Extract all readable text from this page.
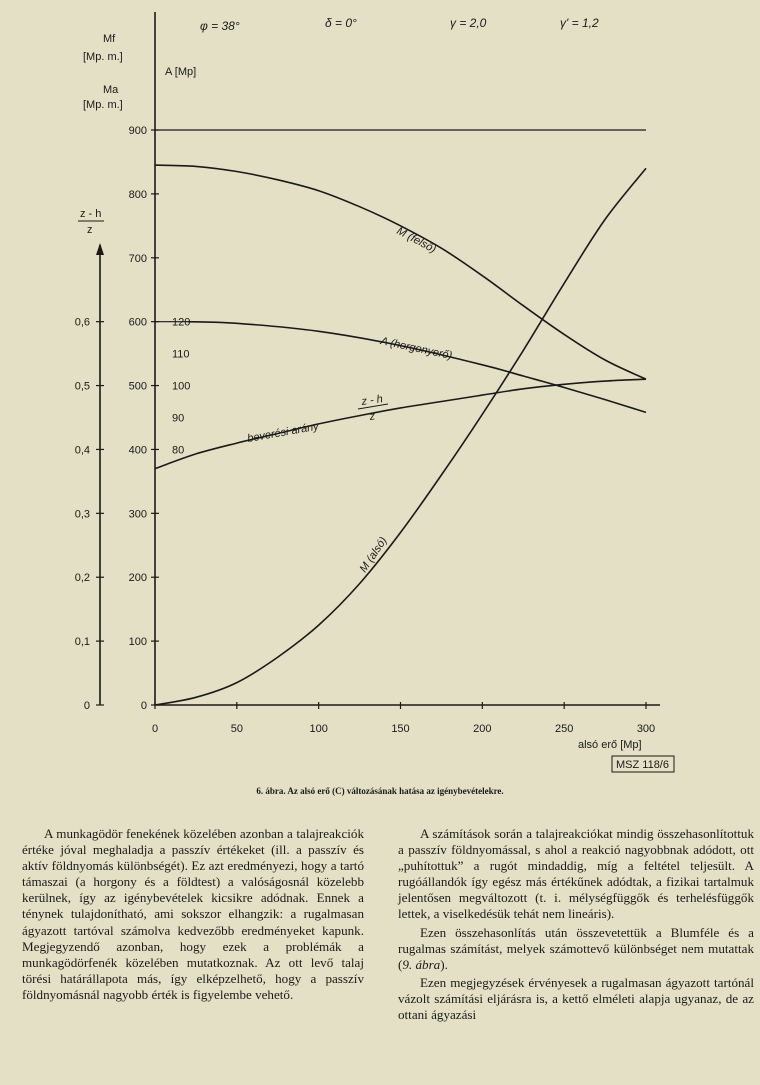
φ = 38°	δ = 0°	γ = 2,0	γ' = 1,2
Mf
[Mp. m.]
Ma
[Mp. m.]
A [Mp]
z - h
z
alsó erő [Mp]
MSZ 118/6
0
100
200
300
400
500
600
700
800
900
0	50	100	150	200	250	300
80
90
100
110
120
0
0,1
0,2
0,3
0,4
0,5
0,6
M (felső)
A (horgonyerő)
beverési arány
z - h
z
M (alsó)
6. ábra. Az alsó erő (C) változásának hatása az igénybevételekre.

A munkagödör fenekének közelében azonban a talajreakciók értéke jóval meghaladja a passzív értékeket (ill. a passzív és aktív földnyomás különbségét). Ez azt eredményezi, hogy a tartó támaszai (a horgony és a földtest) a valóságosnál közelebb kerülnek, így az igénybevételek kicsikre adódnak. Ennek a ténynek tulajdonítható, ami sokszor elhangzik: a rugalmasan ágyazott tartóval számolva kedvezőbb eredményeket kapunk. Megjegyzendő azonban, hogy ezek a problémák a munkagödörfenék közelében mutatkoznak. Az ott levő talaj törési határállapota más, így elképzelhető, hogy a passzív földnyomásnál nagyobb érték is figyelembe vehető.

A számítások során a talajreakciókat mindig összehasonlítottuk a passzív földnyomással, s ahol a reakció nagyobbnak adódott, ott „puhítottuk” a rugót mindaddig, míg a feltétel teljesült. A rugóállandók így egész más értékűnek adódtak, a fizikai tartalmuk jelentősen megváltozott (t. i. mélységfüggők és terhelésfüggők lettek, a viselkedésük tehát nem lineáris).

Ezen összehasonlítás után összevetettük a Blumféle és a rugalmas számítást, melyek számottevő különbséget nem mutattak (9. ábra).

Ezen megjegyzések érvényesek a rugalmasan ágyazott tartónál vázolt számítási eljárásra is, a kettő elméleti alapja ugyanaz, de az ottani ágyazási
